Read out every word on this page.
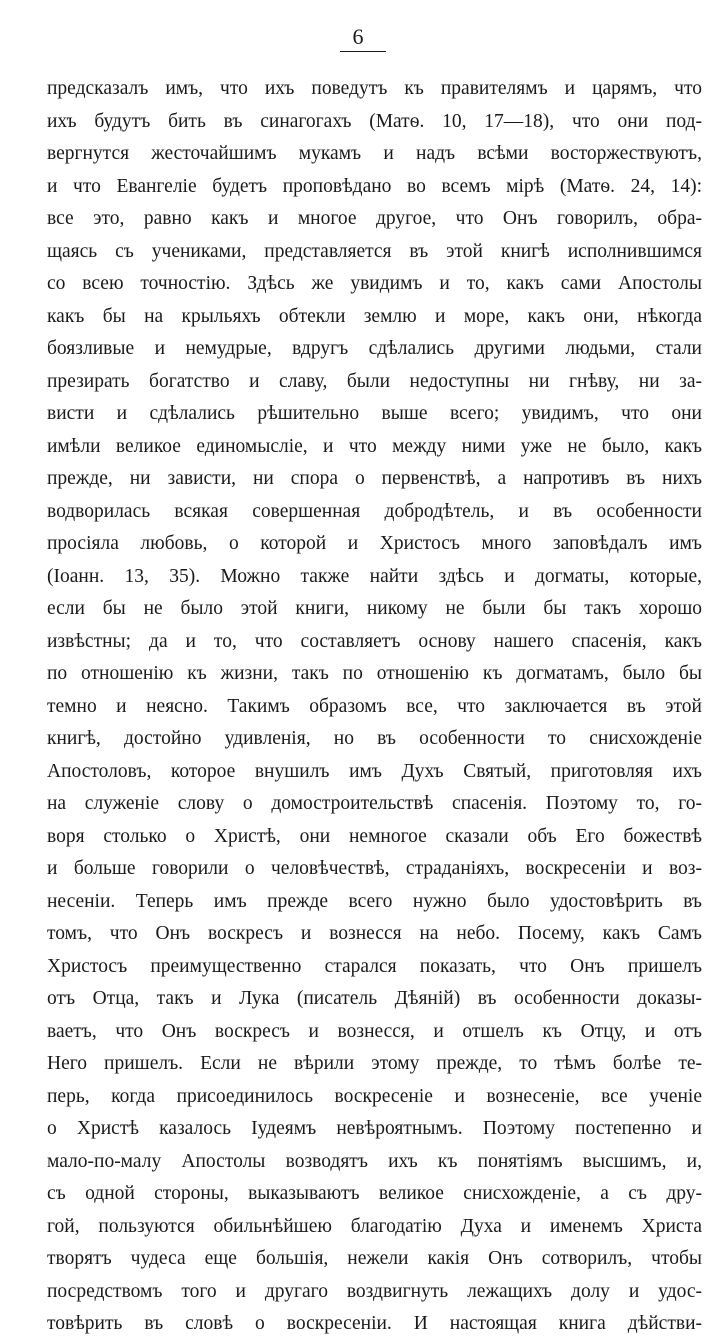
6
предсказалъ имъ, что ихъ поведутъ къ правителямъ и царямъ, что
ихъ будутъ бить въ синагогахъ (Матѳ. 10, 17—18), что они под-
вергнутся жесточайшимъ мукамъ и надъ всѣми восторжествуютъ,
и что Евангеліе будетъ проповѣдано во всемъ мірѣ (Матѳ. 24, 14):
все это, равно какъ и многое другое, что Онъ говорилъ, обра-
щаясь съ учениками, представляется въ этой книгѣ исполнившимся
со всею точностію. Здѣсь же увидимъ и то, какъ сами Апостолы
какъ бы на крыльяхъ обтекли землю и море, какъ они, нѣкогда
боязливые и немудрые, вдругъ сдѣлались другими людьми, стали
презирать богатство и славу, были недоступны ни гнѣву, ни за-
висти и сдѣлались рѣшительно выше всего; увидимъ, что они
имѣли великое единомысліе, и что между ними уже не было, какъ
прежде, ни зависти, ни спора о первенствѣ, а напротивъ въ нихъ
водворилась всякая совершенная добродѣтель, и въ особенности
просіяла любовь, о которой и Христосъ много заповѣдалъ имъ
(Іоанн. 13, 35). Можно также найти здѣсь и догматы, которые,
если бы не было этой книги, никому не были бы такъ хорошо
извѣстны; да и то, что составляетъ основу нашего спасенія, какъ
по отношенію къ жизни, такъ по отношенію къ догматамъ, было бы
темно и неясно. Такимъ образомъ все, что заключается въ этой
книгѣ, достойно удивленія, но въ особенности то снисхожденіе
Апостоловъ, которое внушилъ имъ Духъ Святый, приготовляя ихъ
на служеніе слову о домостроительствѣ спасенія. Поэтому то, го-
воря столько о Христѣ, они немногое сказали объ Его божествѣ
и больше говорили о человѣчествѣ, страданіяхъ, воскресеніи и воз-
несеніи. Теперь имъ прежде всего нужно было удостовѣрить въ
томъ, что Онъ воскресъ и вознесся на небо. Посему, какъ Самъ
Христосъ преимущественно старался показать, что Онъ пришелъ
отъ Отца, такъ и Лука (писатель Дѣяній) въ особенности доказы-
ваетъ, что Онъ воскресъ и вознесся, и отшелъ къ Отцу, и отъ
Него пришелъ. Если не вѣрили этому прежде, то тѣмъ болѣе те-
перь, когда присоединилось воскресеніе и вознесеніе, все ученіе
о Христѣ казалось Іудеямъ невѣроятнымъ. Поэтому постепенно и
мало-по-малу Апостолы возводятъ ихъ къ понятіямъ высшимъ, и,
съ одной стороны, выказываютъ великое снисхожденіе, а съ дру-
гой, пользуются обильнѣйшею благодатію Духа и именемъ Христа
творятъ чудеса еще большія, нежели какія Онъ сотворилъ, чтобы
посредствомъ того и другаго воздвигнуть лежащихъ долу и удос-
товѣрить въ словѣ о воскресеніи. И настоящая книга дѣйстви-
